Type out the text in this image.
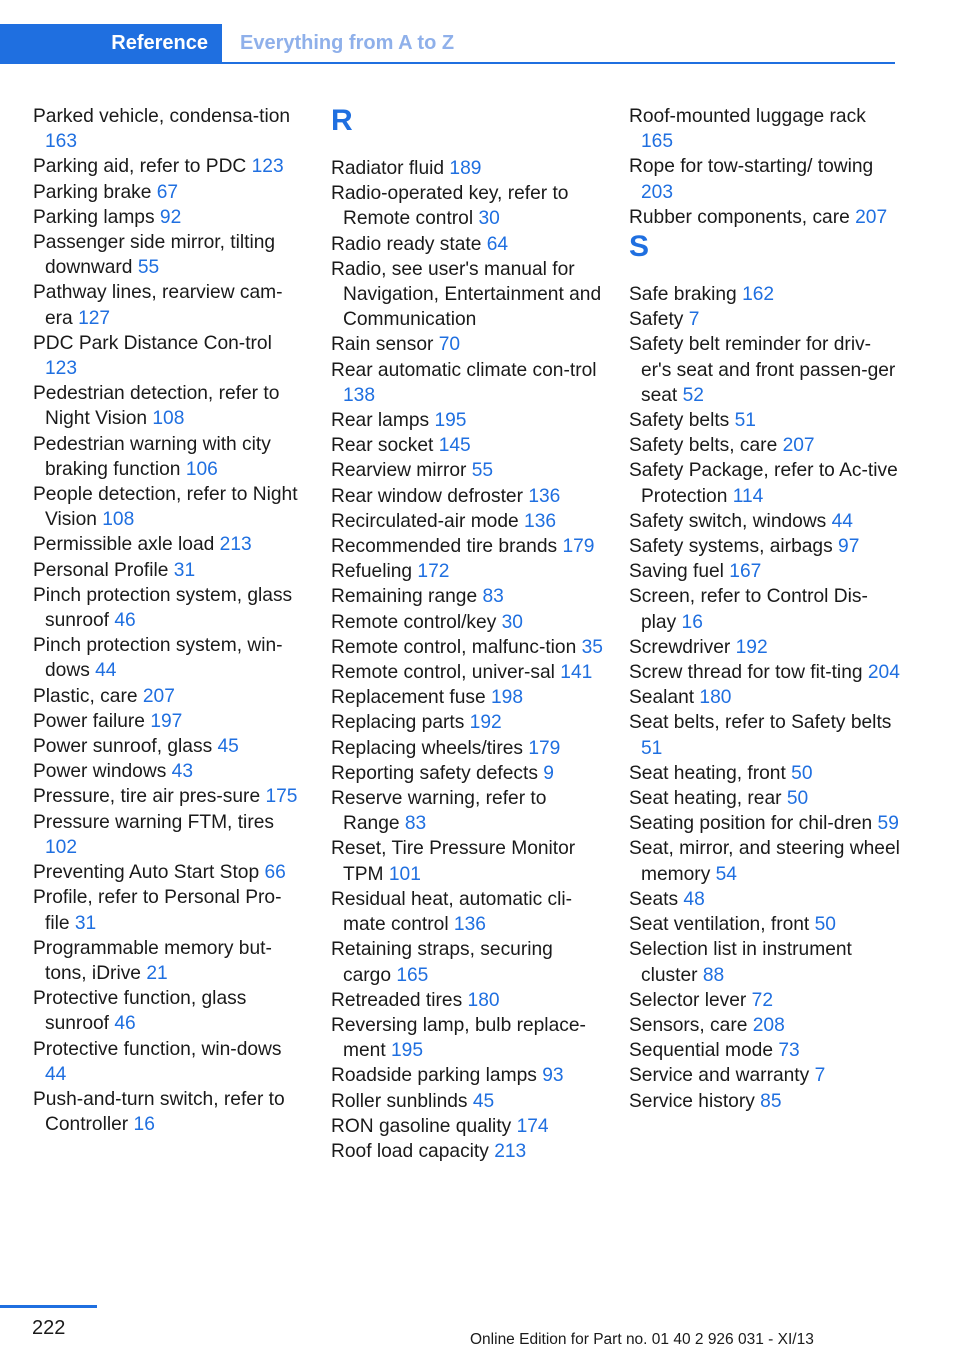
Reference	Everything from A to Z
Parked vehicle, condensa-tion 163
Parking aid, refer to PDC 123
Parking brake 67
Parking lamps 92
Passenger side mirror, tilting downward 55
Pathway lines, rearview cam-era 127
PDC Park Distance Con-trol 123
Pedestrian detection, refer to Night Vision 108
Pedestrian warning with city braking function 106
People detection, refer to Night Vision 108
Permissible axle load 213
Personal Profile 31
Pinch protection system, glass sunroof 46
Pinch protection system, win-dows 44
Plastic, care 207
Power failure 197
Power sunroof, glass 45
Power windows 43
Pressure, tire air pres-sure 175
Pressure warning FTM, tires 102
Preventing Auto Start Stop 66
Profile, refer to Personal Pro-file 31
Programmable memory but-tons, iDrive 21
Protective function, glass sunroof 46
Protective function, win-dows 44
Push-and-turn switch, refer to Controller 16
R
Radiator fluid 189
Radio-operated key, refer to Remote control 30
Radio ready state 64
Radio, see user's manual for Navigation, Entertainment and Communication
Rain sensor 70
Rear automatic climate con-trol 138
Rear lamps 195
Rear socket 145
Rearview mirror 55
Rear window defroster 136
Recirculated-air mode 136
Recommended tire brands 179
Refueling 172
Remaining range 83
Remote control/key 30
Remote control, malfunc-tion 35
Remote control, univer-sal 141
Replacement fuse 198
Replacing parts 192
Replacing wheels/tires 179
Reporting safety defects 9
Reserve warning, refer to Range 83
Reset, Tire Pressure Monitor TPM 101
Residual heat, automatic cli-mate control 136
Retaining straps, securing cargo 165
Retreaded tires 180
Reversing lamp, bulb replace-ment 195
Roadside parking lamps 93
Roller sunblinds 45
RON gasoline quality 174
Roof load capacity 213
Roof-mounted luggage rack 165
Rope for tow-starting/ towing 203
Rubber components, care 207
S
Safe braking 162
Safety 7
Safety belt reminder for driv-er's seat and front passen-ger seat 52
Safety belts 51
Safety belts, care 207
Safety Package, refer to Ac-tive Protection 114
Safety switch, windows 44
Safety systems, airbags 97
Saving fuel 167
Screen, refer to Control Dis-play 16
Screwdriver 192
Screw thread for tow fit-ting 204
Sealant 180
Seat belts, refer to Safety belts 51
Seat heating, front 50
Seat heating, rear 50
Seating position for chil-dren 59
Seat, mirror, and steering wheel memory 54
Seats 48
Seat ventilation, front 50
Selection list in instrument cluster 88
Selector lever 72
Sensors, care 208
Sequential mode 73
Service and warranty 7
Service history 85
222
Online Edition for Part no. 01 40 2 926 031 - XI/13
